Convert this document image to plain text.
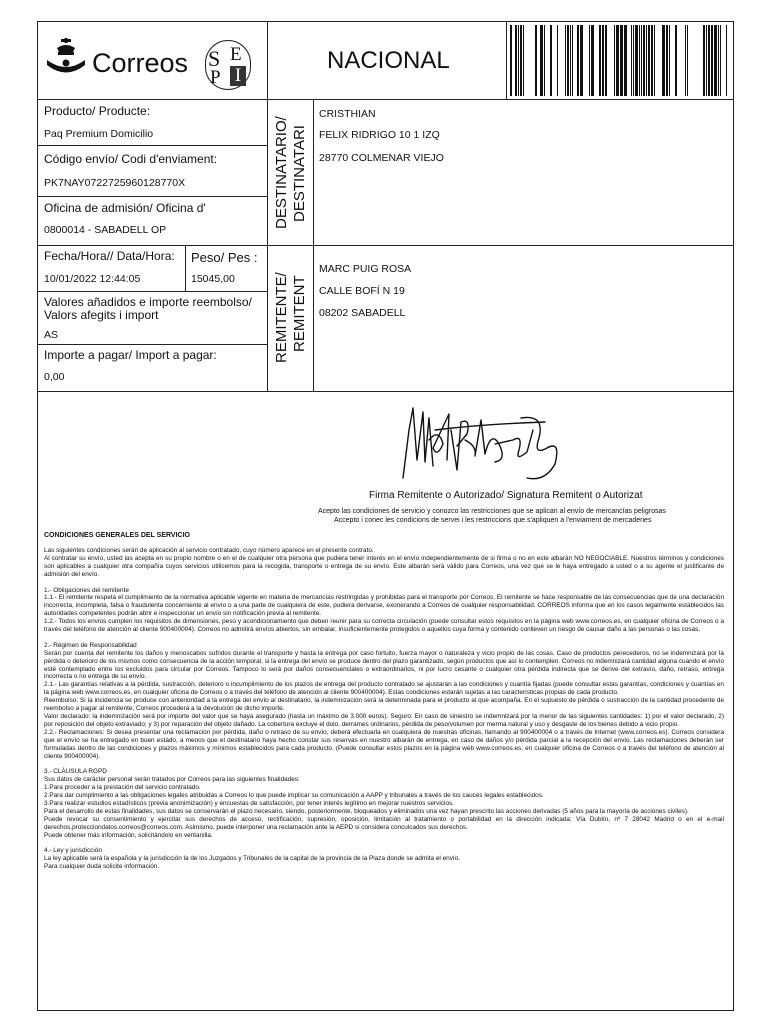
Correos S E
P I
NACIONAL
Producto/ Producte:
Paq Premium Domicilio
Código envío/ Codi d'enviament:
PK7NAY0722725960128770X
Oficina de admisión/ Oficina d'
0800014 - SABADELL OP
Fecha/Hora// Data/Hora:
10/01/2022 12:44:05
Peso/ Pes :
15045,00
Valores añadidos e importe reembolso/
Valors afegits i import
AS
Importe a pagar/ Import a pagar:
0,00
DESTINATARIO/ DESTINATARI
REMITENTE/ REMITENT
CRISTHIAN
FELIX RIDRIGO 10 1 IZQ
28770 COLMENAR VIEJO
MARC PUIG ROSA
CALLE BOFÍ N 19
08202 SABADELL
Firma Remitente o Autorizado/ Signatura Remitent o Autorizat
Acepto las condiciones de servicio y conozco las restricciones que se aplican al envío de mercancías peligrosas
Accepto i conec les condicions de servei i les restriccions que s'apliquen a l'enviament de mercaderies
CONDICIONES GENERALES DEL SERVICIO

Las siguientes condiciones serán de aplicación al servicio contratado, cuyo número aparece en el presente contrato.

Al contratar su envío, usted las acepta en su propio nombre o en el de cualquier otra persona que pudiera tener interés en el envío independientemente de si firma o no en este albarán NO NEGOCIABLE. Nuestros términos y condiciones son aplicables a cualquier otra compañía cuyos servicios utilicemos para la recogida, transporte o entrega de su envío. Este albarán será válido para Correos, una vez que se le haya entregado a usted o a su agente el justificante de admisión del envío.

1.- Obligaciones del remitente

1.1.- El remitente respeta el cumplimiento de la normativa aplicable vigente en materia de mercancías restringidas y prohibidas para el transporte por Correos. El remitente se hace responsable de las consecuencias que de una declaración incorrecta, incompleta, falsa o fraudulenta concerniente al envío o a una parte de cualquiera de este, pudiera derivarse, exonerando a Correos de cualquier responsabilidad. CORREOS informa que en los casos legalmente establecidos las autoridades competentes podrán abrir e inspeccionar un envío sin notificación previa al remitente.

1.2.- Todos los envíos cumplen los requisitos de dimensiones, peso y acondicionamiento que deben reunir para su correcta circulación (puede consultar estos requisitos en la página web www.correos.es, en cualquier oficina de Correos o a través del teléfono de atención al cliente 900400004). Correos no admitirá envíos abiertos, sin embalar, insuficientemente protegidos o aquellos cuya forma y contenido conlleven un riesgo de causar daño a las personas o las cosas.

2.- Régimen de Responsabilidad

Serán por cuenta del remitente los daños y menoscabos sufridos durante el transporte y hasta la entrega por caso fortuito, fuerza mayor o naturaleza y vicio propio de las cosas. Caso de productos perecederos, no se indemnizará por la pérdida o deterioro de los mismos como consecuencia de la acción temporal, si la entrega del envío se produce dentro del plazo garantizado, según productos que así lo contemplen. Correos no indemnizará cantidad alguna cuando el envío esté contemplado entre los excluidos para circular por Correos. Tampoco lo será por daños consecuenciales o extraordinarios, ni por lucro cesante o cualquier otra pérdida indirecta que se derive del extravío, daño, retraso, entrega incorrecta o no entrega de su envío.

2.1.- Las garantías relativas a la pérdida, sustracción, deterioro o incumplimiento de los plazos de entrega del producto contratado se ajustarán a las condiciones y cuantía fijadas (puede consultar estas garantías, condiciones y cuantías en la página web www.correos.es, en cualquier oficina de Correos o a través del teléfono de atención al cliente 900400004). Estas condiciones estarán sujetas a las características propias de cada producto.

Reembolso: Si la incidencia se produce con anterioridad a la entrega del envío al destinatario, la indemnización será la determinada para el producto al que acompaña. En el supuesto de pérdida o sustracción de la cantidad procedente de reembolso a pagar al remitente, Correos procederá a la devolución de dicho importe.

Valor declarado: la indemnización será por importe del valor que se haya asegurado (hasta un máximo de 3.000 euros). Seguro: En caso de siniestro se indemnizará por la menor de las siguientes cantidades: 1) por el valor declarado, 2) por reposición del objeto extraviado; y 3) por reparación del objeto dañado. La cobertura excluye el dolo, derrames ordinarios, pérdida de peso/volumen por merma natural y uso y desgaste de los bienes debido a vicio propio.

2.2.- Reclamaciones: Si desea presentar una reclamación por pérdida, daño o retraso de su envío, deberá efectuarla en cualquiera de nuestras oficinas, llamando al 900400004 o a través de Internet (www.correos.es). Correos considera que el envío se ha entregado en buen estado, a menos que el destinatario haya hecho constar sus reservas en nuestro albarán de entrega, en caso de daños y/o pérdida parcial a la recepción del envío. Las reclamaciones deberán ser formuladas dentro de las condiciones y plazos máximos y mínimos establecidos para cada producto. (Puede consultar estos plazos en la página web www.correos.es, en cualquier oficina de Correos o a través del teléfono de atención al cliente 900400004).

3.- CLÁUSULA RGPD

Sus datos de carácter personal serán tratados por Correos para las siguientes finalidades:

1.Para proceder a la prestación del servicio contratado.

2.Para dar cumplimiento a las obligaciones legales atribuidas a Correos lo que puede implicar su comunicación a AAPP y tribunales a través de los cauces legales establecidos.

3.Para realizar estudios estadísticos (previa anonimización) y encuestas de satisfacción, por tener interés legítimo en mejorar nuestros servicios.

Para el desarrollo de estas finalidades, sus datos se conservarán el plazo necesario, siendo, posteriormente, bloqueados y eliminados una vez hayan prescrito las acciones derivadas (5 años para la mayoría de acciones civiles).

Puede revocar su consentimiento y ejercitar sus derechos de acceso, rectificación, supresión, oposición, limitación al tratamiento o portabilidad en la dirección indicada: Vía Dublín, nº 7 28042 Madrid o en el e-mail derechos.protecciondatos.correos@correos.com. Asimismo, puede interponer una reclamación ante la AEPD si considera conculcados sus derechos.

Puede obtener más información, solicitándolo en ventanilla.

4.- Ley y jurisdicción

La ley aplicable será la española y la jurisdicción la de los Juzgados y Tribunales de la capital de la provincia de la Plaza donde se admita el envío.

Para cualquier duda solicite información.
